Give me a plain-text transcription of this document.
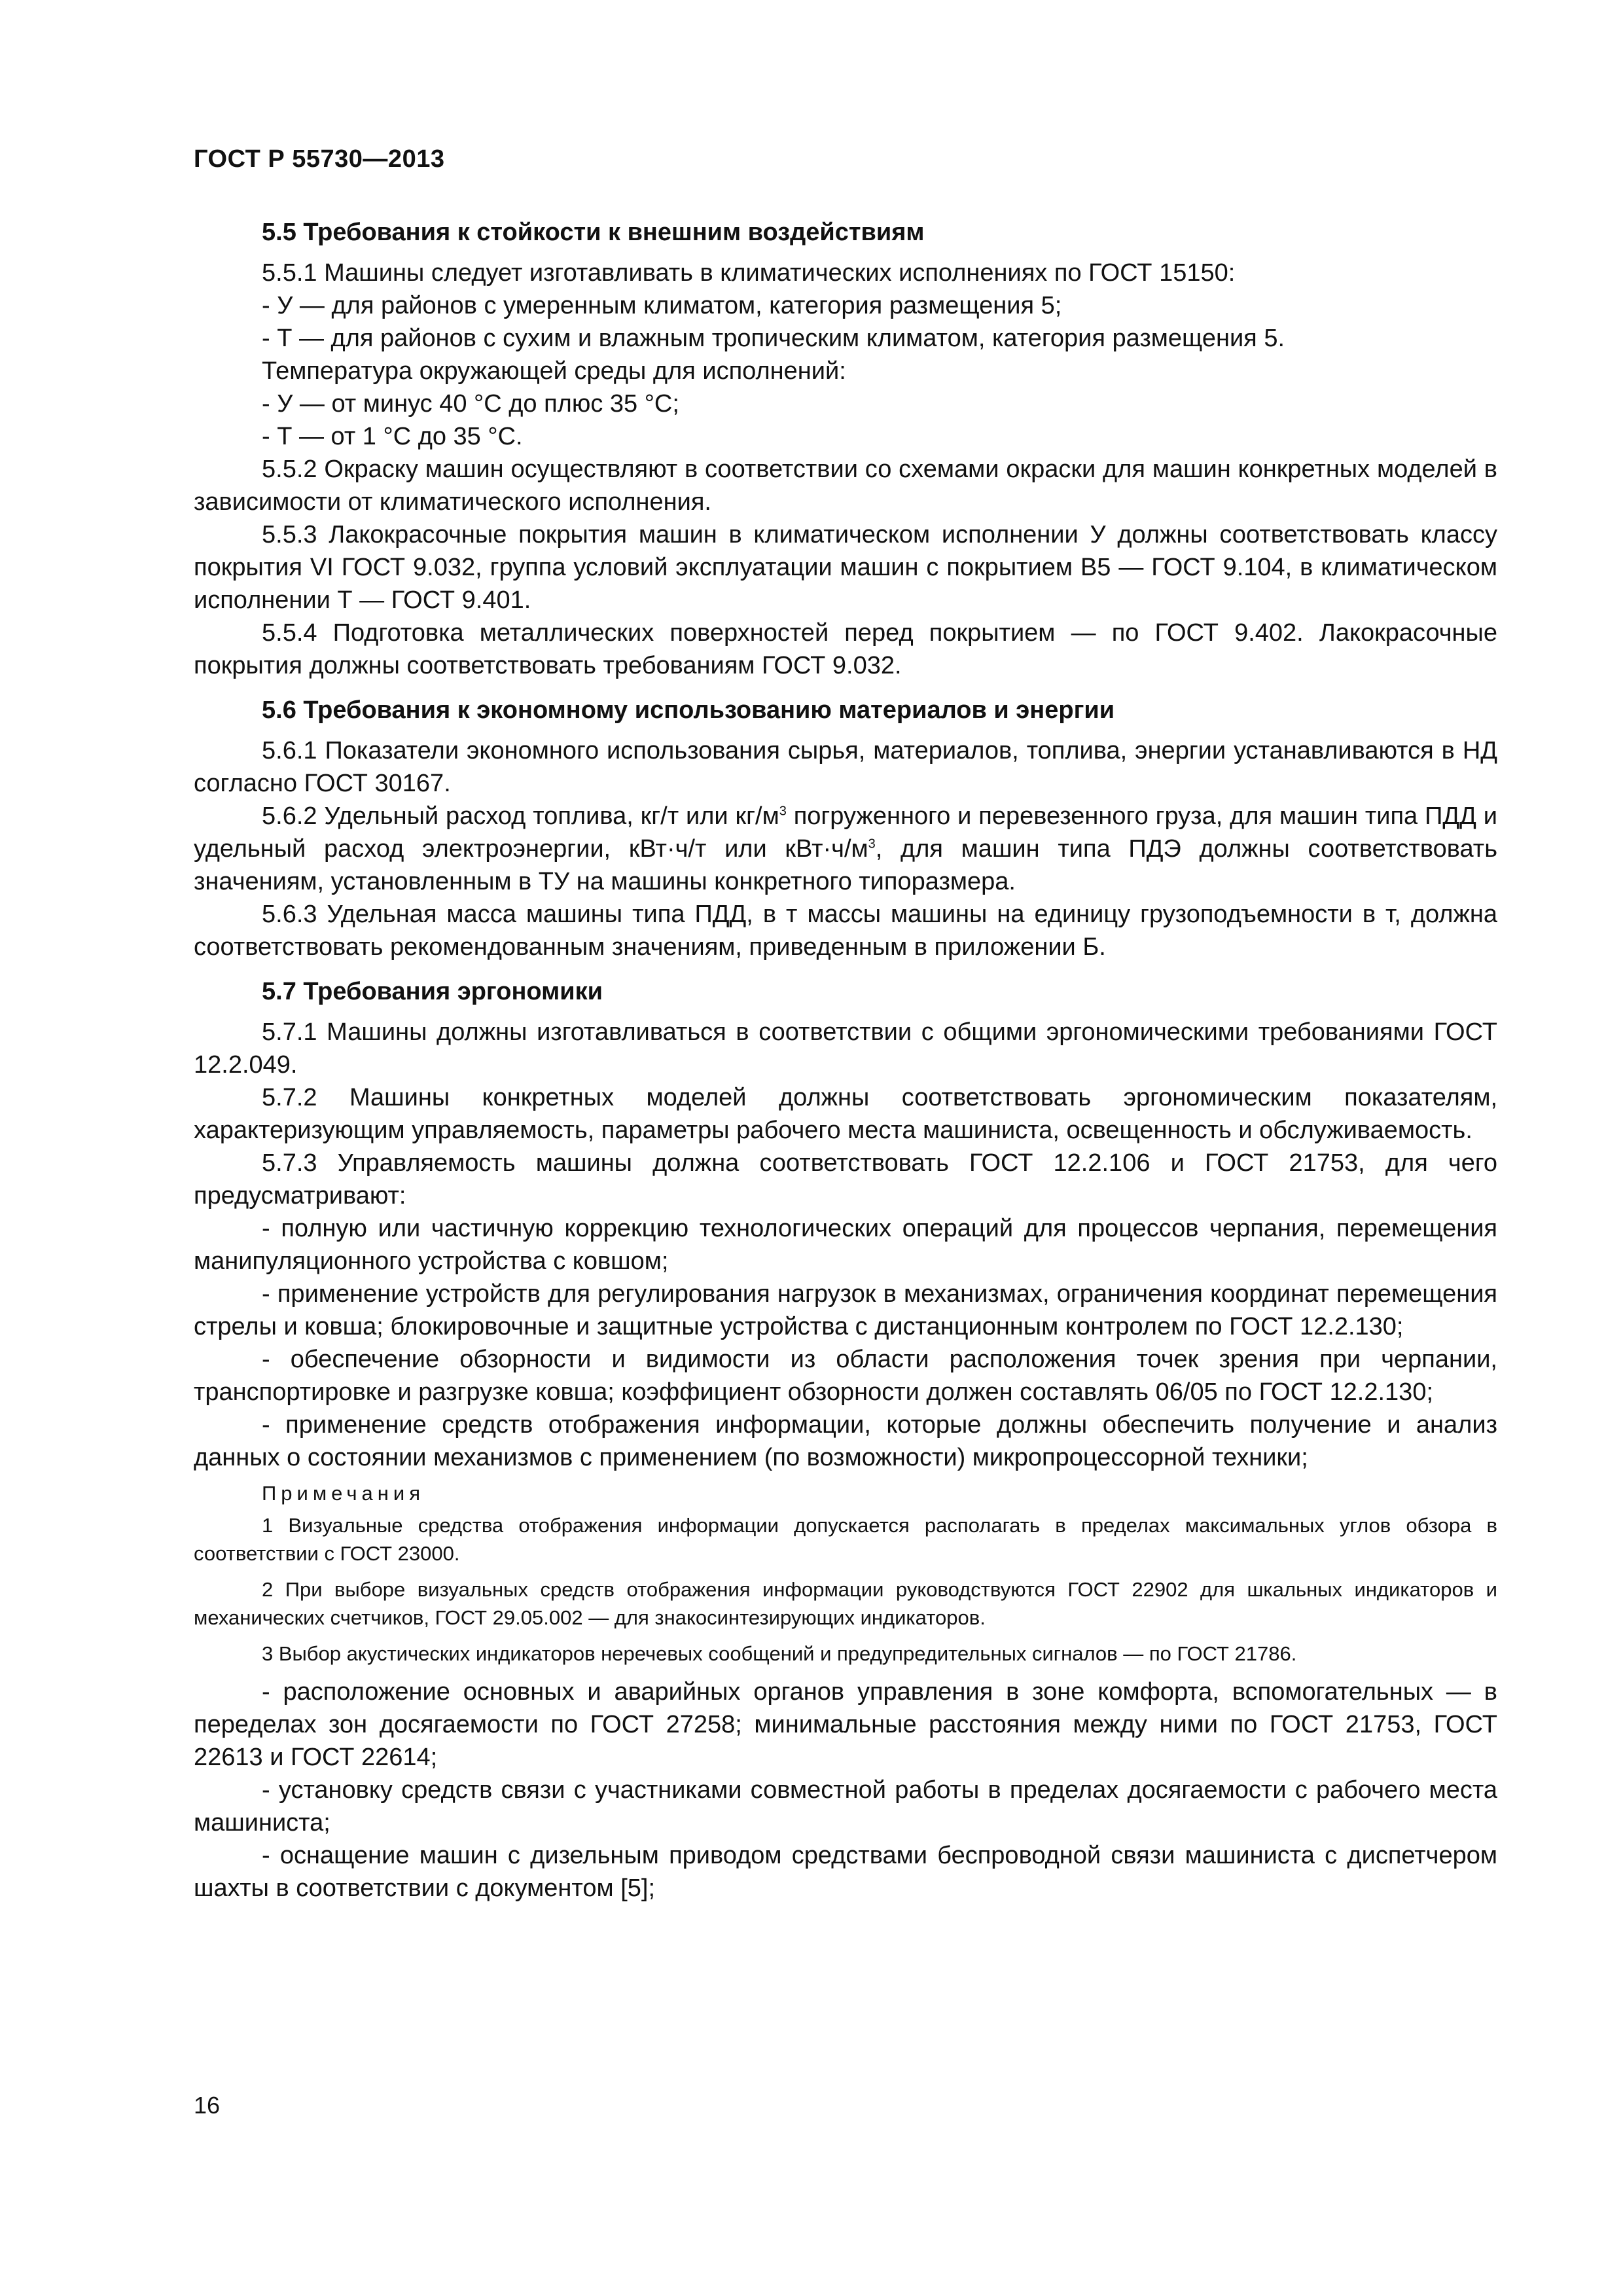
ГОСТ Р 55730—2013

5.5 Требования к стойкости к внешним воздействиям

5.5.1 Машины следует изготавливать в климатических исполнениях по ГОСТ 15150:

- У — для районов с умеренным климатом, категория размещения 5;

- Т — для районов с сухим и влажным тропическим климатом, категория размещения 5.

Температура окружающей среды для исполнений:

- У — от минус 40 °С до плюс 35 °С;

- Т — от 1 °С до 35 °С.

5.5.2 Окраску машин осуществляют в соответствии со схемами окраски для машин конкретных моделей в зависимости от климатического исполнения.

5.5.3 Лакокрасочные покрытия машин в климатическом исполнении У должны соответствовать классу покрытия VI ГОСТ 9.032, группа условий эксплуатации машин с покрытием В5 — ГОСТ 9.104, в климатическом исполнении Т — ГОСТ 9.401.

5.5.4 Подготовка металлических поверхностей перед покрытием — по ГОСТ 9.402. Лакокрасочные покрытия должны соответствовать требованиям ГОСТ 9.032.

5.6 Требования к экономному использованию материалов и энергии

5.6.1 Показатели экономного использования сырья, материалов, топлива, энергии устанавливаются в НД согласно ГОСТ 30167.

5.6.2 Удельный расход топлива, кг/т или $кг/м^3$ погруженного и перевезенного груза, для машин типа ПДД и удельный расход электроэнергии, кВт·ч/т или $кВт\cdot ч/м^3$, для машин типа ПДЭ должны соответствовать значениям, установленным в ТУ на машины конкретного типоразмера.

5.6.3 Удельная масса машины типа ПДД, в т массы машины на единицу грузоподъемности в т, должна соответствовать рекомендованным значениям, приведенным в приложении Б.

5.7 Требования эргономики

5.7.1 Машины должны изготавливаться в соответствии с общими эргономическими требованиями ГОСТ 12.2.049.

5.7.2 Машины конкретных моделей должны соответствовать эргономическим показателям, характеризующим управляемость, параметры рабочего места машиниста, освещенность и обслуживаемость.

5.7.3 Управляемость машины должна соответствовать ГОСТ 12.2.106 и ГОСТ 21753, для чего предусматривают:

- полную или частичную коррекцию технологических операций для процессов черпания, перемещения манипуляционного устройства с ковшом;

- применение устройств для регулирования нагрузок в механизмах, ограничения координат перемещения стрелы и ковша; блокировочные и защитные устройства с дистанционным контролем по ГОСТ 12.2.130;

- обеспечение обзорности и видимости из области расположения точек зрения при черпании, транспортировке и разгрузке ковша; коэффициент обзорности должен составлять 06/05 по ГОСТ 12.2.130;

- применение средств отображения информации, которые должны обеспечить получение и анализ данных о состоянии механизмов с применением (по возможности) микропроцессорной техники;

Примечания

1 Визуальные средства отображения информации допускается располагать в пределах максимальных углов обзора в соответствии с ГОСТ 23000.

2 При выборе визуальных средств отображения информации руководствуются ГОСТ 22902 для шкальных индикаторов и механических счетчиков, ГОСТ 29.05.002 — для знакосинтезирующих индикаторов.

3 Выбор акустических индикаторов неречевых сообщений и предупредительных сигналов — по ГОСТ 21786.

- расположение основных и аварийных органов управления в зоне комфорта, вспомогательных — в переделах зон досягаемости по ГОСТ 27258; минимальные расстояния между ними по ГОСТ 21753, ГОСТ 22613 и ГОСТ 22614;

- установку средств связи с участниками совместной работы в пределах досягаемости с рабочего места машиниста;

- оснащение машин с дизельным приводом средствами беспроводной связи машиниста с диспетчером шахты в соответствии с документом [5];

16
